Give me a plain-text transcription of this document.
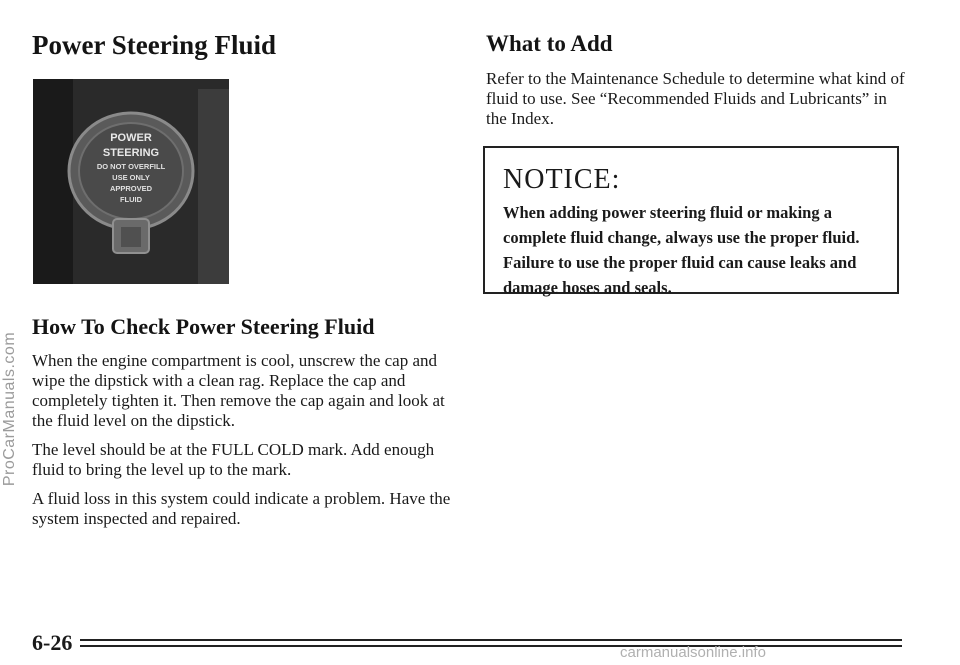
Power Steering Fluid
POWER
STEERING
DO NOT OVERFILL
USE ONLY
APPROVED
FLUID
How To Check Power Steering Fluid

When the engine compartment is cool, unscrew the cap and wipe the dipstick with a clean rag. Replace the cap and completely tighten it. Then remove the cap again and look at the fluid level on the dipstick.

The level should be at the FULL COLD mark. Add enough fluid to bring the level up to the mark.

A fluid loss in this system could indicate a problem. Have the system inspected and repaired.

What to Add

Refer to the Maintenance Schedule to determine what kind of fluid to use. See “Recommended Fluids and Lubricants” in the Index.

NOTICE:
When adding power steering fluid or making a complete fluid change, always use the proper fluid. Failure to use the proper fluid can cause leaks and damage hoses and seals.
6-26
ProCarManuals.com
carmanualsonline.info
